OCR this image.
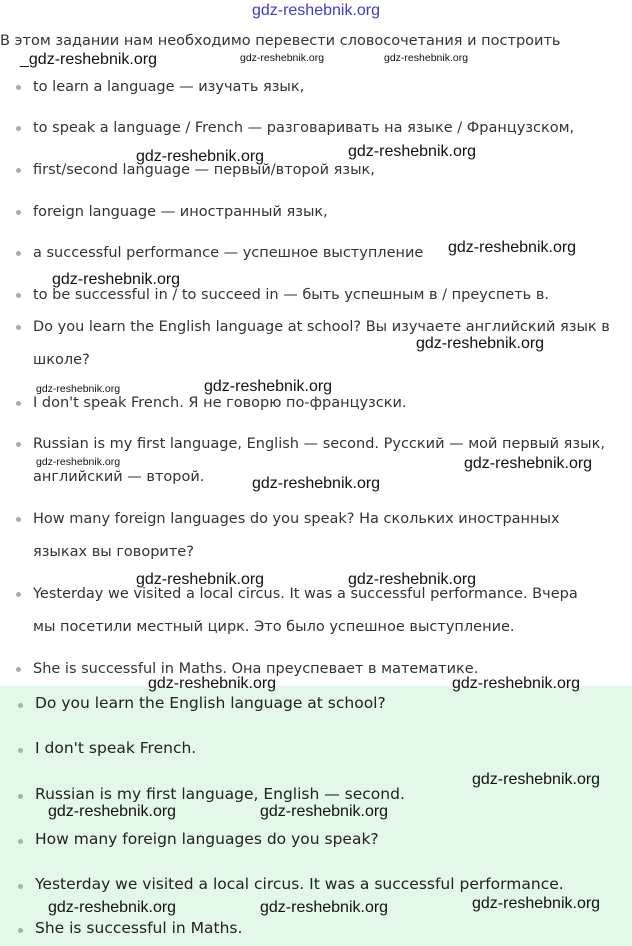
gdz-reshebnik.org
В этом задании нам необходимо перевести словосочетания и построить
to learn a language — изучать язык,
to speak a language / French — разговаривать на языке / Французском,
first/second language — первый/второй язык,
foreign language — иностранный язык,
a successful performance — успешное выступление
to be successful in / to succeed in — быть успешным в / преуспеть в.
Do you learn the English language at school? Вы изучаете английский язык в
школе?
I don't speak French. Я не говорю по-французски.
Russian is my first language, English — second. Русский — мой первый язык,
английский — второй.
How many foreign languages do you speak? На скольких иностранных
языках вы говорите?
Yesterday we visited a local circus. It was a successful performance. Вчера
мы посетили местный цирк. Это было успешное выступление.
She is successful in Maths. Она преуспевает в математике.
Do you learn the English language at school?
I don't speak French.
Russian is my first language, English — second.
How many foreign languages do you speak?
Yesterday we visited a local circus. It was a successful performance.
She is successful in Maths.
_gdz-reshebnik.org	gdz-reshebnik.org	gdz-reshebnik.org
gdz-reshebnik.org	gdz-reshebnik.org
gdz-reshebnik.org
gdz-reshebnik.org
gdz-reshebnik.org
gdz-reshebnik.org	gdz-reshebnik.org
gdz-reshebnik.org	gdz-reshebnik.org
gdz-reshebnik.org
gdz-reshebnik.org	gdz-reshebnik.org
gdz-reshebnik.org	gdz-reshebnik.org
gdz-reshebnik.org
gdz-reshebnik.org	gdz-reshebnik.org
gdz-reshebnik.org
gdz-reshebnik.org	gdz-reshebnik.org
